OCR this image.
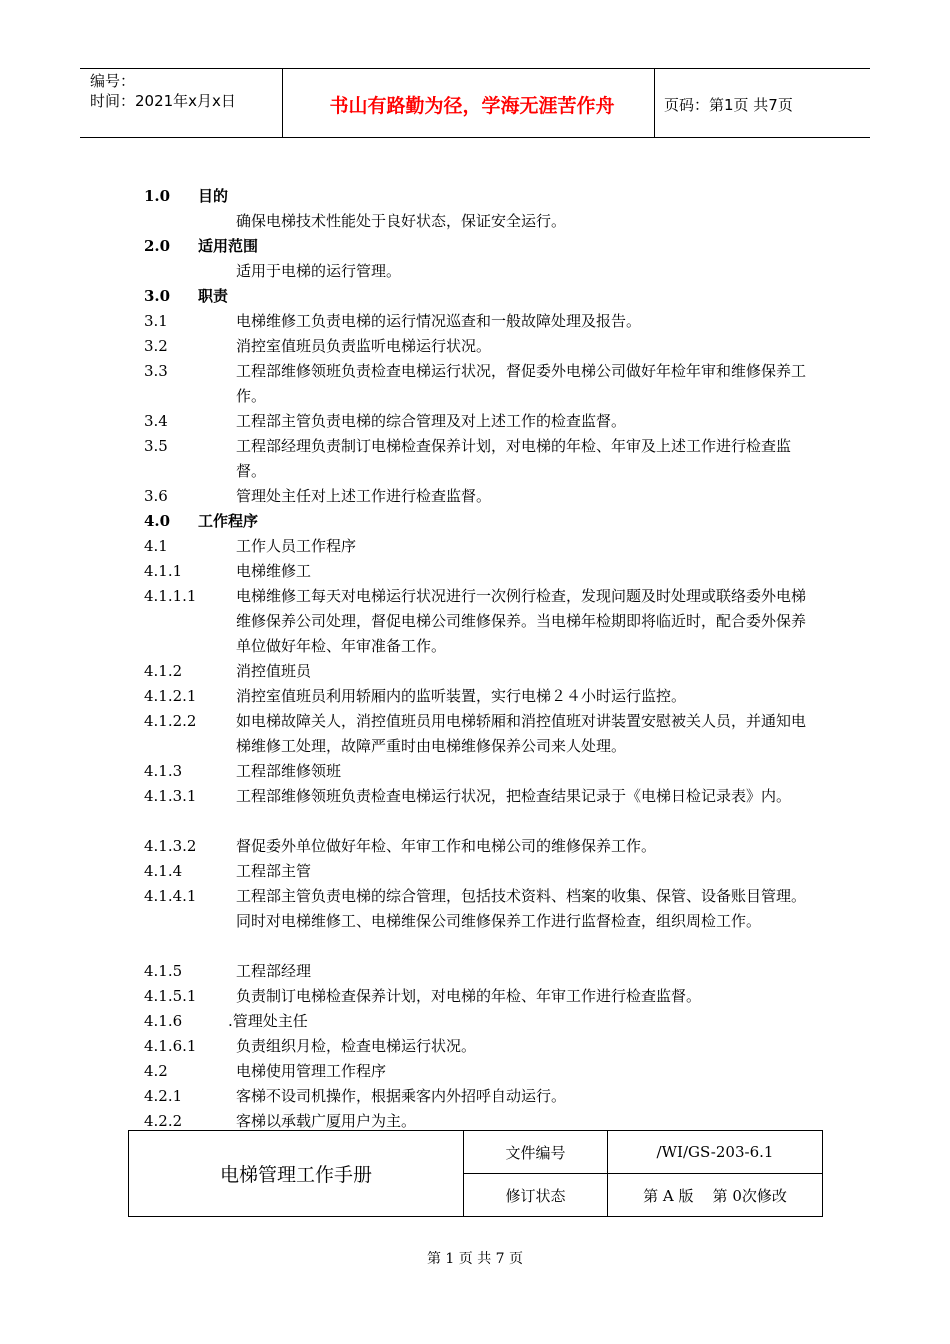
编号：
时间：2021年x月x日	书山有路勤为径，学海无涯苦作舟	页码：第1页 共7页
1.0 目的
确保电梯技术性能处于良好状态，保证安全运行。
2.0 适用范围
适用于电梯的运行管理。
3.0 职责
3.1	电梯维修工负责电梯的运行情况巡查和一般故障处理及报告。
3.2	消控室值班员负责监听电梯运行状况。
3.3	工程部维修领班负责检查电梯运行状况，督促委外电梯公司做好年检年审和维修保养工作。
3.4	工程部主管负责电梯的综合管理及对上述工作的检查监督。
3.5	工程部经理负责制订电梯检查保养计划，对电梯的年检、年审及上述工作进行检查监督。
3.6	管理处主任对上述工作进行检查监督。
4.0 工作程序
4.1	工作人员工作程序
4.1.1	电梯维修工
4.1.1.1	电梯维修工每天对电梯运行状况进行一次例行检查，发现问题及时处理或联络委外电梯维修保养公司处理，督促电梯公司维修保养。当电梯年检期即将临近时，配合委外保养单位做好年检、年审准备工作。
4.1.2	消控值班员
4.1.2.1	消控室值班员利用轿厢内的监听装置，实行电梯２４小时运行监控。
4.1.2.2	如电梯故障关人，消控值班员用电梯轿厢和消控值班对讲装置安慰被关人员，并通知电梯维修工处理，故障严重时由电梯维修保养公司来人处理。
4.1.3	工程部维修领班
4.1.3.1	工程部维修领班负责检查电梯运行状况，把检查结果记录于《电梯日检记录表》内。
4.1.3.2	督促委外单位做好年检、年审工作和电梯公司的维修保养工作。
4.1.4	工程部主管
4.1.4.1	工程部主管负责电梯的综合管理，包括技术资料、档案的收集、保管、设备账目管理。同时对电梯维修工、电梯维保公司维修保养工作进行监督检查，组织周检工作。
4.1.5	工程部经理
4.1.5.1	负责制订电梯检查保养计划，对电梯的年检、年审工作进行检查监督。
4.1.6	.管理处主任
4.1.6.1	负责组织月检，检查电梯运行状况。
4.2	电梯使用管理工作程序
4.2.1	客梯不设司机操作，根据乘客内外招呼自动运行。
4.2.2	客梯以承载广厦用户为主。
电梯管理工作手册
文件编号	/WI/GS-203-6.1
修订状态	第 A 版    第 0次修改
第 1 页 共 7 页
